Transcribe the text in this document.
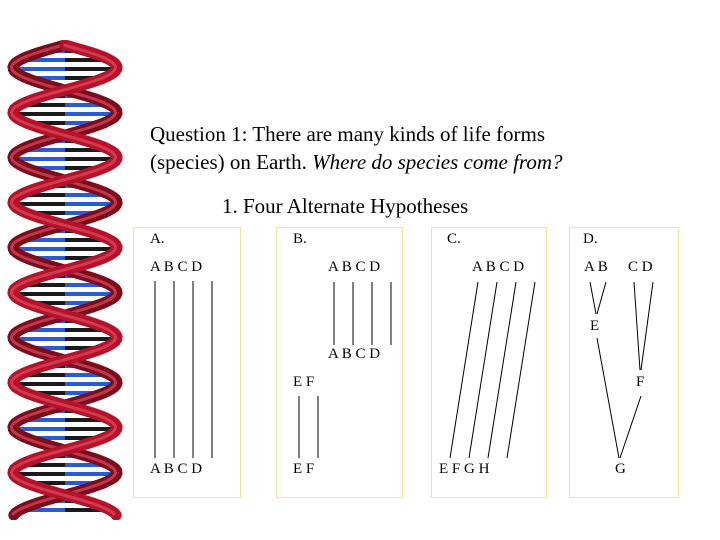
Question 1: There are many kinds of life forms
(species) on Earth. Where do species come from?
1. Four Alternate Hypotheses
A.	B.	C.	D.
A B C D
A B C D
A B C D
A B C D
E F
E F
A B C D
E F G H
A B C D
E
F
G
